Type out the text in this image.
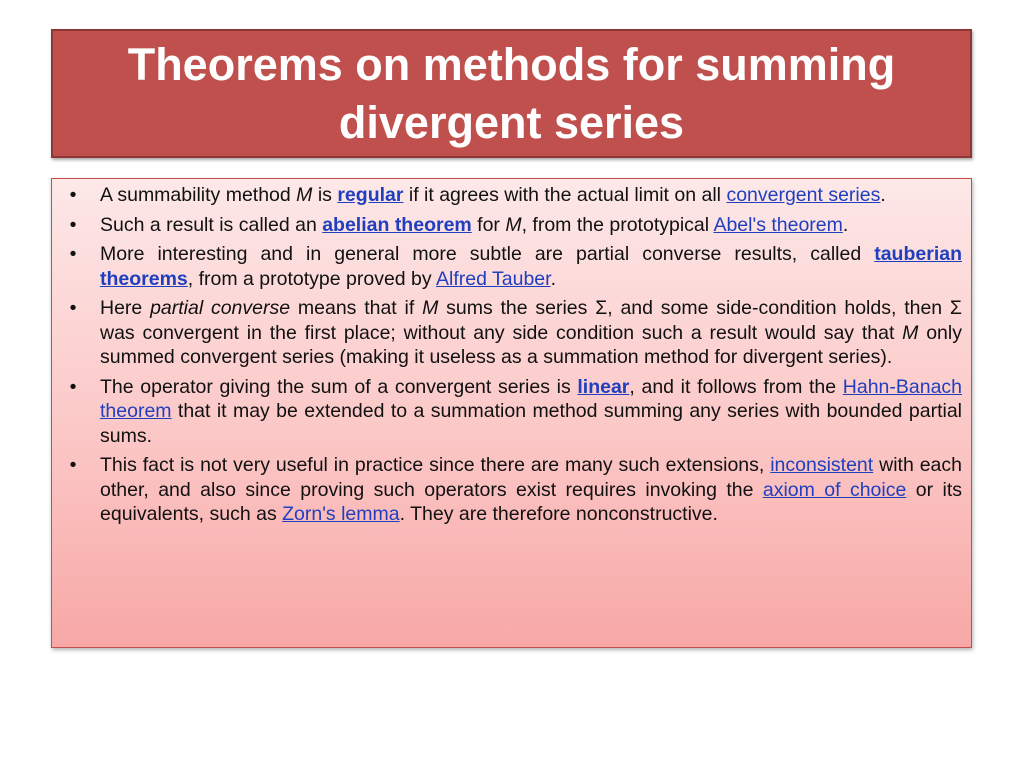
Theorems on methods for summing divergent series
• A summability method M is regular if it agrees with the actual limit on all convergent series.
• Such a result is called an abelian theorem for M, from the prototypical Abel's theorem.
• More interesting and in general more subtle are partial converse results, called tauberian theorems, from a prototype proved by Alfred Tauber.
• Here partial converse means that if M sums the series Σ, and some side-condition holds, then Σ was convergent in the first place; without any side condition such a result would say that M only summed convergent series (making it useless as a summation method for divergent series).
• The operator giving the sum of a convergent series is linear, and it follows from the Hahn-Banach theorem that it may be extended to a summation method summing any series with bounded partial sums.
• This fact is not very useful in practice since there are many such extensions, inconsistent with each other, and also since proving such operators exist requires invoking the axiom of choice or its equivalents, such as Zorn's lemma. They are therefore nonconstructive.
